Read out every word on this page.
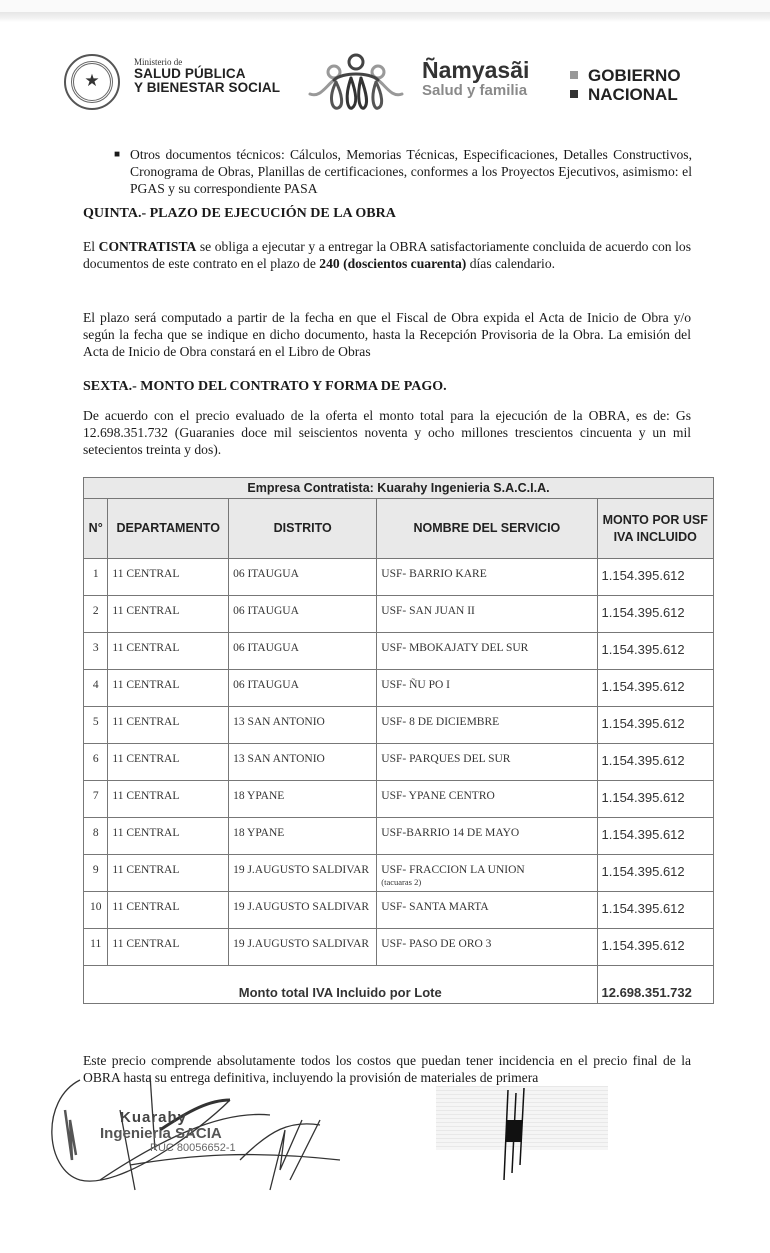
★
Ministerio de
SALUD PÚBLICA
Y BIENESTAR SOCIAL
Ñamyasãi
Salud y familia
GOBIERNO
NACIONAL
■ Otros documentos técnicos: Cálculos, Memorias Técnicas, Especificaciones, Detalles Constructivos, Cronograma de Obras, Planillas de certificaciones, conformes a los Proyectos Ejecutivos, asimismo: el PGAS y su correspondiente PASA
QUINTA.- PLAZO DE EJECUCIÓN DE LA OBRA
El CONTRATISTA se obliga a ejecutar y a entregar la OBRA satisfactoriamente concluida de acuerdo con los documentos de este contrato en el plazo de 240 (doscientos cuarenta) días calendario.
El plazo será computado a partir de la fecha en que el Fiscal de Obra expida el Acta de Inicio de Obra y/o según la fecha que se indique en dicho documento, hasta la Recepción Provisoria de la Obra. La emisión del Acta de Inicio de Obra constará en el Libro de Obras
SEXTA.- MONTO DEL CONTRATO Y FORMA DE PAGO.
De acuerdo con el precio evaluado de la oferta el monto total para la ejecución de la OBRA, es de: Gs 12.698.351.732 (Guaranies doce mil seiscientos noventa y ocho millones trescientos cincuenta y un mil setecientos treinta y dos).
Empresa Contratista: Kuarahy Ingenieria S.A.C.I.A.				
N°	DEPARTAMENTO	DISTRITO	NOMBRE DEL SERVICIO	MONTO POR USF IVA INCLUIDO
1	11 CENTRAL	06 ITAUGUA	USF- BARRIO KARE	1.154.395.612
2	11 CENTRAL	06 ITAUGUA	USF- SAN JUAN II	1.154.395.612
3	11 CENTRAL	06 ITAUGUA	USF- MBOKAJATY DEL SUR	1.154.395.612
4	11 CENTRAL	06 ITAUGUA	USF- ÑU PO I	1.154.395.612
5	11 CENTRAL	13 SAN ANTONIO	USF- 8 DE DICIEMBRE	1.154.395.612
6	11 CENTRAL	13 SAN ANTONIO	USF- PARQUES DEL SUR	1.154.395.612
7	11 CENTRAL	18 YPANE	USF- YPANE CENTRO	1.154.395.612
8	11 CENTRAL	18 YPANE	USF-BARRIO 14 DE MAYO	1.154.395.612
9	11 CENTRAL	19 J.AUGUSTO SALDIVAR	USF- FRACCION LA UNION
(tacuaras 2)	1.154.395.612
10	11 CENTRAL	19 J.AUGUSTO SALDIVAR	USF- SANTA MARTA	1.154.395.612
11	11 CENTRAL	19 J.AUGUSTO SALDIVAR	USF- PASO DE ORO 3	1.154.395.612
Monto total IVA Incluido por Lote				12.698.351.732
Este precio comprende absolutamente todos los costos que puedan tener incidencia en el precio final de la OBRA hasta su entrega definitiva, incluyendo la provisión de materiales de primera
Kuarahy
Ingenieria SACIA
RUC 80056652-1
